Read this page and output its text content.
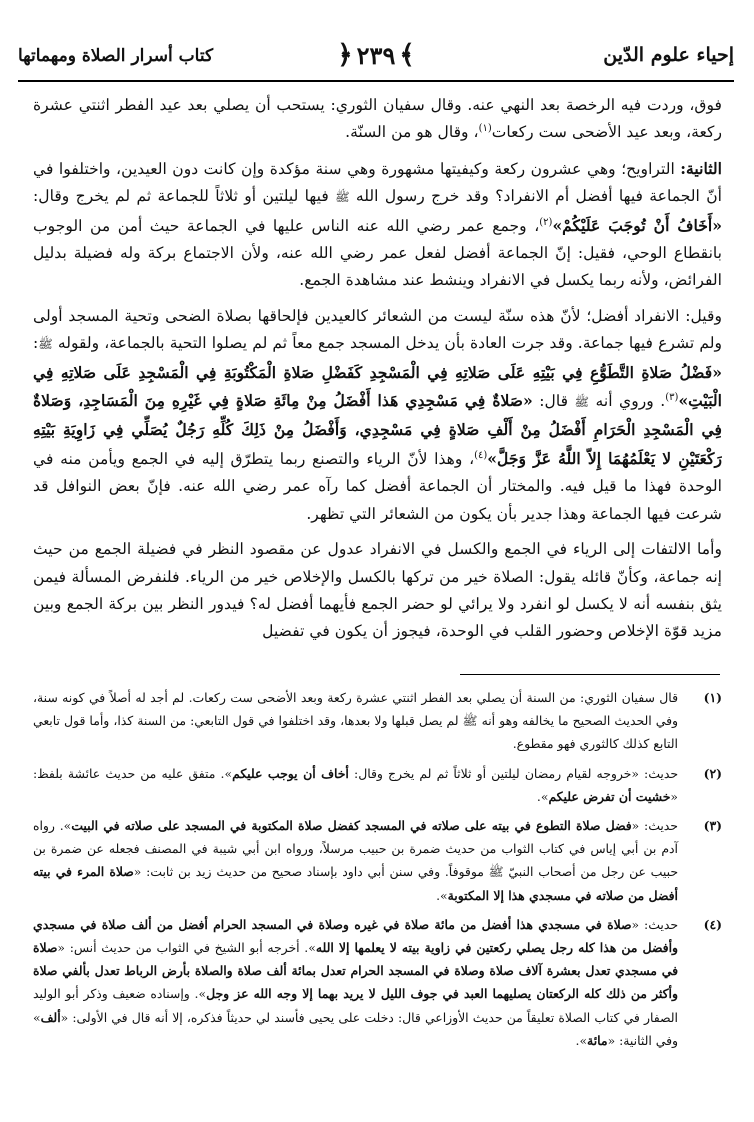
إحياء علوم الدّين
﴾
٢٣٩
﴿
كتاب أسرار الصلاة ومهماتها

فوق، وردت فيه الرخصة بعد النهي عنه. وقال سفيان الثوري: يستحب أن يصلي بعد عيد الفطر اثنتي عشرة ركعة، وبعد عيد الأضحى ست ركعات$^{(١)}$، وقال هو من السنّة.

الثانية: التراويح؛ وهي عشرون ركعة وكيفيتها مشهورة وهي سنة مؤكدة وإن كانت دون العيدين، واختلفوا في أنّ الجماعة فيها أفضل أم الانفراد؟ وقد خرج رسول الله ﷺ فيها ليلتين أو ثلاثاً للجماعة ثم لم يخرج وقال: «أَخَافُ أَنْ تُوجَبَ عَلَيْكُمْ»$^{(٢)}$، وجمع عمر رضي الله عنه الناس عليها في الجماعة حيث أمن من الوجوب بانقطاع الوحي، فقيل: إنّ الجماعة أفضل لفعل عمر رضي الله عنه، ولأن الاجتماع بركة وله فضيلة بدليل الفرائض، ولأنه ربما يكسل في الانفراد وينشط عند مشاهدة الجمع.

وقيل: الانفراد أفضل؛ لأنّ هذه سنّة ليست من الشعائر كالعيدين فإلحاقها بصلاة الضحى وتحية المسجد أولى ولم تشرع فيها جماعة. وقد جرت العادة بأن يدخل المسجد جمع معاً ثم لم يصلوا التحية بالجماعة، ولقوله ﷺ: «فَضْلُ صَلاةِ التَّطَوُّعِ فِي بَيْتِهِ عَلَى صَلاتِهِ فِي الْمَسْجِدِ كَفَضْلِ صَلاةِ الْمَكْتُوبَةِ فِي الْمَسْجِدِ عَلَى صَلاتِهِ فِي الْبَيْتِ»$^{(٣)}$. وروي أنه ﷺ قال: «صَلاةٌ فِي مَسْجِدِي هَذا أَفْضَلُ مِنْ مِائَةِ صَلاةٍ فِي غَيْرِهِ مِنَ الْمَسَاجِدِ، وَصَلاةٌ فِي الْمَسْجِدِ الْحَرَامِ أَفْضَلُ مِنْ أَلْفِ صَلاةٍ فِي مَسْجِدِي، وَأَفْضَلُ مِنْ ذَلِكَ كُلِّهِ رَجُلٌ يُصَلِّي فِي زَاوِيَةِ بَيْتِهِ رَكْعَتَيْنِ لا يَعْلَمُهُمَا إِلاّ اللَّهُ عَزَّ وَجَلَّ»$^{(٤)}$، وهذا لأنّ الرياء والتصنع ربما يتطرّق إليه في الجمع ويأمن منه في الوحدة فهذا ما قيل فيه. والمختار أن الجماعة أفضل كما رآه عمر رضي الله عنه. فإنّ بعض النوافل قد شرعت فيها الجماعة وهذا جدير بأن يكون من الشعائر التي تظهر.

وأما الالتفات إلى الرياء في الجمع والكسل في الانفراد عدول عن مقصود النظر في فضيلة الجمع من حيث إنه جماعة، وكأنّ قائله يقول: الصلاة خير من تركها بالكسل والإخلاص خير من الرياء. فلنفرض المسألة فيمن يثق بنفسه أنه لا يكسل لو انفرد ولا يرائي لو حضر الجمع فأيهما أفضل له؟ فيدور النظر بين بركة الجمع وبين مزيد قوّة الإخلاص وحضور القلب في الوحدة، فيجوز أن يكون في تفضيل

(١)
قال سفيان الثوري: من السنة أن يصلي بعد الفطر اثنتي عشرة ركعة وبعد الأضحى ست ركعات. لم أجد له أصلاً في كونه سنة، وفي الحديث الصحيح ما يخالفه وهو أنه ﷺ لم يصل قبلها ولا بعدها، وقد اختلفوا في قول التابعي: من السنة كذا، وأما قول تابعي التابع كذلك كالثوري فهو مقطوع.
(٢)
حديث: «خروجه لقيام رمضان ليلتين أو ثلاثاً ثم لم يخرج وقال: أخاف أن يوجب عليكم». متفق عليه من حديث عائشة بلفظ: «خشيت أن تفرض عليكم».
(٣)
حديث: «فضل صلاة التطوع في بيته على صلاته في المسجد كفضل صلاة المكتوبة في المسجد على صلاته في البيت». رواه آدم بن أبي إياس في كتاب الثواب من حديث ضمرة بن حبيب مرسلاً، ورواه ابن أبي شيبة في المصنف فجعله عن ضمرة بن حبيب عن رجل من أصحاب النبيّ ﷺ موقوفاً. وفي سنن أبي داود بإسناد صحيح من حديث زيد بن ثابت: «صلاة المرء في بيته أفضل من صلاته في مسجدي هذا إلا المكتوبة».
(٤)
حديث: «صلاة في مسجدي هذا أفضل من مائة صلاة في غيره وصلاة في المسجد الحرام أفضل من ألف صلاة في مسجدي وأفضل من هذا كله رجل يصلي ركعتين في زاوية بيته لا يعلمها إلا الله». أخرجه أبو الشيخ في الثواب من حديث أنس: «صلاة في مسجدي تعدل بعشرة آلاف صلاة وصلاة في المسجد الحرام تعدل بمائة ألف صلاة والصلاة بأرض الرباط تعدل بألفي صلاة وأكثر من ذلك كله الركعتان يصليهما العبد في جوف الليل لا يريد بهما إلا وجه الله عز وجل». وإسناده ضعيف وذكر أبو الوليد الصفار في كتاب الصلاة تعليقاً من حديث الأوزاعي قال: دخلت على يحيى فأسند لي حديثاً فذكره، إلا أنه قال في الأولى: «ألف» وفي الثانية: «مائة».
